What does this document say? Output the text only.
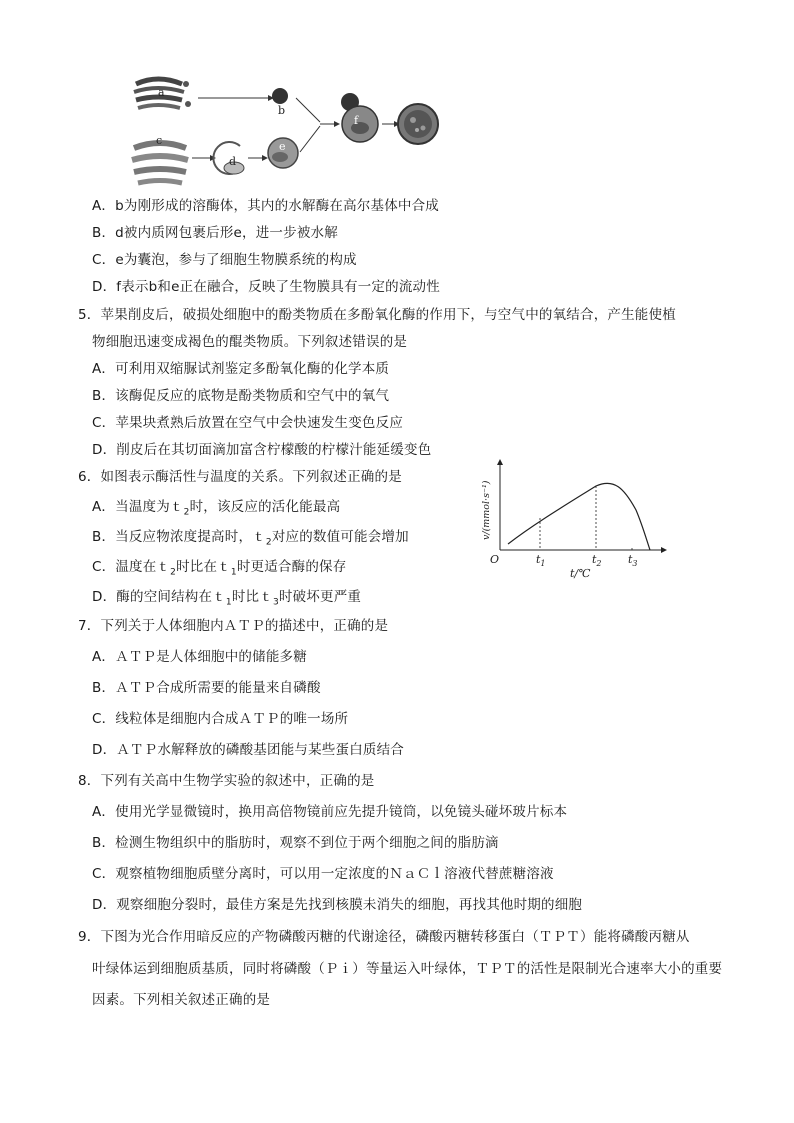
a
b
c
d
e
f
A．b为刚形成的溶酶体，其内的水解酶在高尔基体中合成
B．d被内质网包裹后形e，进一步被水解
C．e为囊泡，参与了细胞生物膜系统的构成
D．f表示b和e正在融合，反映了生物膜具有一定的流动性
5．苹果削皮后，破损处细胞中的酚类物质在多酚氧化酶的作用下，与空气中的氧结合，产生能使植
物细胞迅速变成褐色的醌类物质。下列叙述错误的是
A．可利用双缩脲试剂鉴定多酚氧化酶的化学本质
B．该酶促反应的底物是酚类物质和空气中的氧气
C．苹果块煮熟后放置在空气中会快速发生变色反应
D．削皮后在其切面滴加富含柠檬酸的柠檬汁能延缓变色
6．如图表示酶活性与温度的关系。下列叙述正确的是
A．当温度为ｔ$_2$时，该反应的活化能最高
B．当反应物浓度提高时，ｔ$_2$对应的数值可能会增加
C．温度在ｔ$_2$时比在ｔ$_1$时更适合酶的保存
D．酶的空间结构在ｔ$_1$时比ｔ$_3$时破坏更严重
O	$t_1$	$t_2$ $t_3$
t/℃
v/(mmol·s⁻¹)
7．下列关于人体细胞内ＡＴＰ的描述中，正确的是
A．ＡＴＰ是人体细胞中的储能多糖
B．ＡＴＰ合成所需要的能量来自磷酸
C．线粒体是细胞内合成ＡＴＰ的唯一场所
D．ＡＴＰ水解释放的磷酸基团能与某些蛋白质结合
8．下列有关高中生物学实验的叙述中，正确的是
A．使用光学显微镜时，换用高倍物镜前应先提升镜筒，以免镜头碰坏玻片标本
B．检测生物组织中的脂肪时，观察不到位于两个细胞之间的脂肪滴
C．观察植物细胞质壁分离时，可以用一定浓度的ＮａＣｌ溶液代替蔗糖溶液
D．观察细胞分裂时，最佳方案是先找到核膜未消失的细胞，再找其他时期的细胞
9．下图为光合作用暗反应的产物磷酸丙糖的代谢途径，磷酸丙糖转移蛋白（ＴＰＴ）能将磷酸丙糖从
叶绿体运到细胞质基质，同时将磷酸（Ｐｉ）等量运入叶绿体，ＴＰＴ的活性是限制光合速率大小的重要
因素。下列相关叙述正确的是
